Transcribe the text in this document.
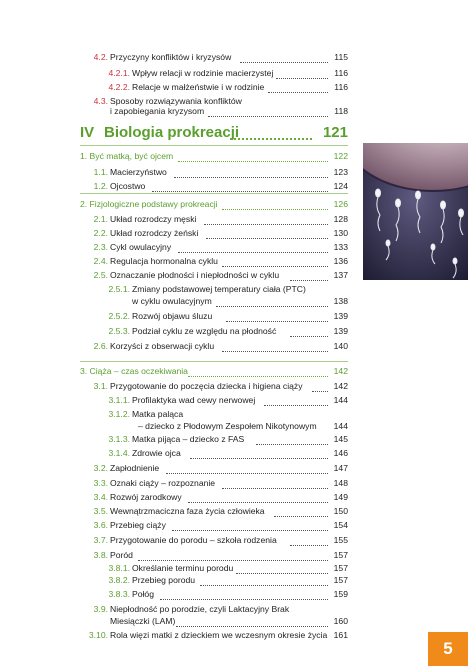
4.2. Przyczyny konfliktów i kryzysów	115
4.2.1. Wpływ relacji w rodzinie macierzystej	116
4.2.2. Relacje w małżeństwie i w rodzinie	116
4.3. Sposoby rozwiązywania konfliktów
i zapobiegania kryzysom	118
IV Biologia prokreacji	121
1. Być matką, być ojcem	122
1.1. Macierzyństwo	123
1.2. Ojcostwo	124
2. Fizjologiczne podstawy prokreacji	126
2.1. Układ rozrodczy męski	128
2.2. Układ rozrodczy żeński	130
2.3. Cykl owulacyjny	133
2.4. Regulacja hormonalna cyklu	136
2.5. Oznaczanie płodności i niepłodności w cyklu	137
2.5.1. Zmiany podstawowej temperatury ciała (PTC)
w cyklu owulacyjnym	138
2.5.2. Rozwój objawu śluzu	139
2.5.3. Podział cyklu ze względu na płodność	139
2.6. Korzyści z obserwacji cyklu	140
3. Ciąża – czas oczekiwania	142
3.1. Przygotowanie do poczęcia dziecka i higiena ciąży	142
3.1.1. Profilaktyka wad cewy nerwowej	144
3.1.2. Matka paląca
– dziecko z Płodowym Zespołem Nikotynowym	144
3.1.3. Matka pijąca – dziecko z FAS	145
3.1.4. Zdrowie ojca	146
3.2. Zapłodnienie	147
3.3. Oznaki ciąży – rozpoznanie	148
3.4. Rozwój zarodkowy	149
3.5. Wewnątrzmaciczna faza życia człowieka	150
3.6. Przebieg ciąży	154
3.7. Przygotowanie do porodu – szkoła rodzenia	155
3.8. Poród	157
3.8.1. Określanie terminu porodu	157
3.8.2. Przebieg porodu	157
3.8.3. Połóg	159
3.9. Niepłodność po porodzie, czyli Laktacyjny Brak
Miesiączki (LAM)	160
3.10. Rola więzi matki z dzieckiem we wczesnym okresie życia 161
5
